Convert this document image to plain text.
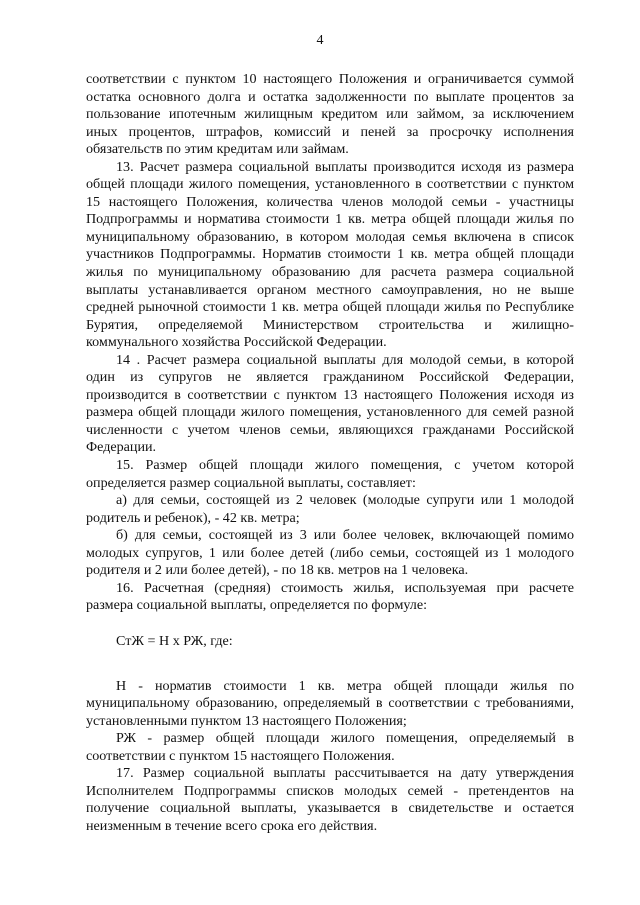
4

соответствии с пунктом 10 настоящего Положения и ограничивается суммой остатка основного долга и остатка задолженности по выплате процентов за пользование ипотечным жилищным кредитом или займом, за исключением иных процентов, штрафов, комиссий и пеней за просрочку исполнения обязательств по этим кредитам или займам.

13. Расчет размера социальной выплаты производится исходя из размера общей площади жилого помещения, установленного в соответствии с пунктом 15 настоящего Положения, количества членов молодой семьи - участницы Подпрограммы и норматива стоимости 1 кв. метра общей площади жилья по муниципальному образованию, в котором молодая семья включена в список участников Подпрограммы. Норматив стоимости 1 кв. метра общей площади жилья по муниципальному образованию для расчета размера социальной выплаты устанавливается органом местного самоуправления, но не выше средней рыночной стоимости 1 кв. метра общей площади жилья по Республике Бурятия, определяемой Министерством строительства и жилищно-коммунального хозяйства Российской Федерации.

14 . Расчет размера социальной выплаты для молодой семьи, в которой один из супругов не является гражданином Российской Федерации, производится в соответствии с пунктом 13 настоящего Положения исходя из размера общей площади жилого помещения, установленного для семей разной численности с учетом членов семьи, являющихся гражданами Российской Федерации.

15. Размер общей площади жилого помещения, с учетом которой определяется размер социальной выплаты, составляет:

а) для семьи, состоящей из 2 человек (молодые супруги или 1 молодой родитель и ребенок), - 42 кв. метра;

б) для семьи, состоящей из 3 или более человек, включающей помимо молодых супругов, 1 или более детей (либо семьи, состоящей из 1 молодого родителя и 2 или более детей), - по 18 кв. метров на 1 человека.

16. Расчетная (средняя) стоимость жилья, используемая при расчете размера социальной выплаты, определяется по формуле:

СтЖ = Н х РЖ, где:

Н - норматив стоимости 1 кв. метра общей площади жилья по муниципальному образованию, определяемый в соответствии с требованиями, установленными пунктом 13 настоящего Положения;

РЖ - размер общей площади жилого помещения, определяемый в соответствии с пунктом 15 настоящего Положения.

17. Размер социальной выплаты рассчитывается на дату утверждения Исполнителем Подпрограммы списков молодых семей - претендентов на получение социальной выплаты, указывается в свидетельстве и остается неизменным в течение всего срока его действия.
